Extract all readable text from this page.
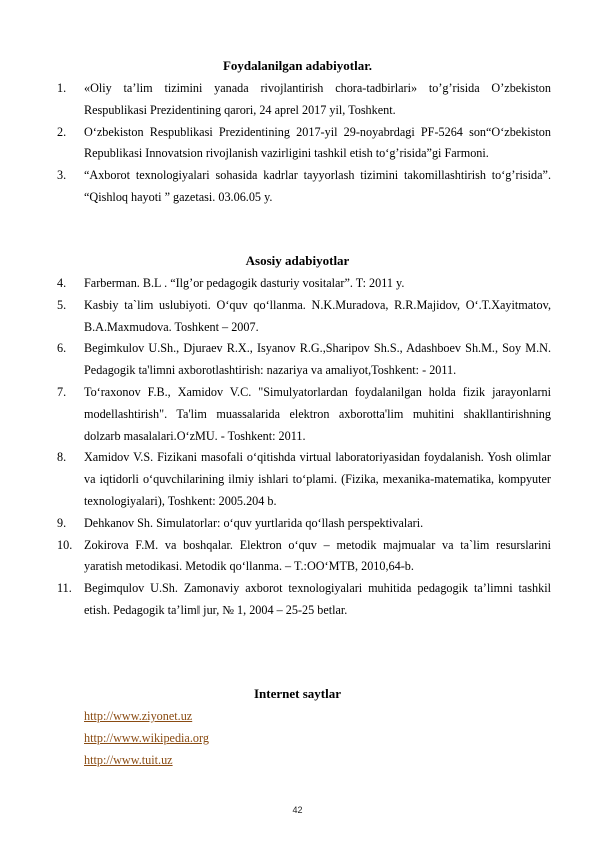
Foydalanilgan adabiyotlar.
1. «Oliy ta’lim tizimini yanada rivojlantirish chora-tadbirlari» to’g’risida O’zbekiston Respublikasi Prezidentining qarori, 24 aprel 2017 yil, Toshkent.
2. O‘zbekiston Respublikasi Prezidentining 2017-yil 29-noyabrdagi PF-5264 son“O‘zbekiston Republikasi Innovatsion rivojlanish vazirligini tashkil etish to‘g’risida”gi Farmoni.
3. “Axborot texnologiyalari sohasida kadrlar tayyorlash tizimini takomillashtirish to‘g’risida”. “Qishloq hayoti ” gazetasi. 03.06.05 y.
Asosiy adabiyotlar
4. Farberman. B.L . “Ilg’or pedagogik dasturiy vositalar”. T: 2011 y.
5. Kasbiy ta`lim uslubiyoti. O‘quv qo‘llanma. N.K.Muradova, R.R.Majidov, O‘.T.Xayitmatov, B.A.Maxmudova. Toshkent – 2007.
6. Begimkulov U.Sh., Djuraev R.X., Isyanov R.G.,Sharipov Sh.S., Adashboev Sh.M., Soy M.N. Pedagogik ta'limni axborotlashtirish: nazariya va amaliyot,Toshkent: - 2011.
7. To‘raxonov F.B., Xamidov V.C. "Simulyatorlardan foydalanilgan holda fizik jarayonlarni modellashtirish". Ta'lim muassalarida elektron axborotta'lim muhitini shakllantirishning dolzarb masalalari.O‘zMU. - Toshkent: 2011.
8. Xamidov V.S. Fizikani masofali o‘qitishda virtual laboratoriyasidan foydalanish. Yosh olimlar va iqtidorli o‘quvchilarining ilmiy ishlari to‘plami. (Fizika, mexanika-matematika, kompyuter texnologiyalari), Toshkent: 2005.204 b.
9. Dehkanov Sh. Simulatorlar: o‘quv yurtlarida qo‘llash perspektivalari.
10. Zokirova F.M. va boshqalar. Elektron o‘quv – metodik majmualar va ta`lim resurslarini yaratish metodikasi. Metodik qo‘llanma. – T.:OO‘MTB, 2010,64-b.
11. Begimqulov U.Sh. Zamonaviy axborot texnologiyalari muhitida pedagogik ta’limni tashkil etish. Pedagogik ta’lim‖ jur, № 1, 2004 – 25-25 betlar.
Internet saytlar
http://www.ziyonet.uz
http://www.wikipedia.org
http://www.tuit.uz
42
